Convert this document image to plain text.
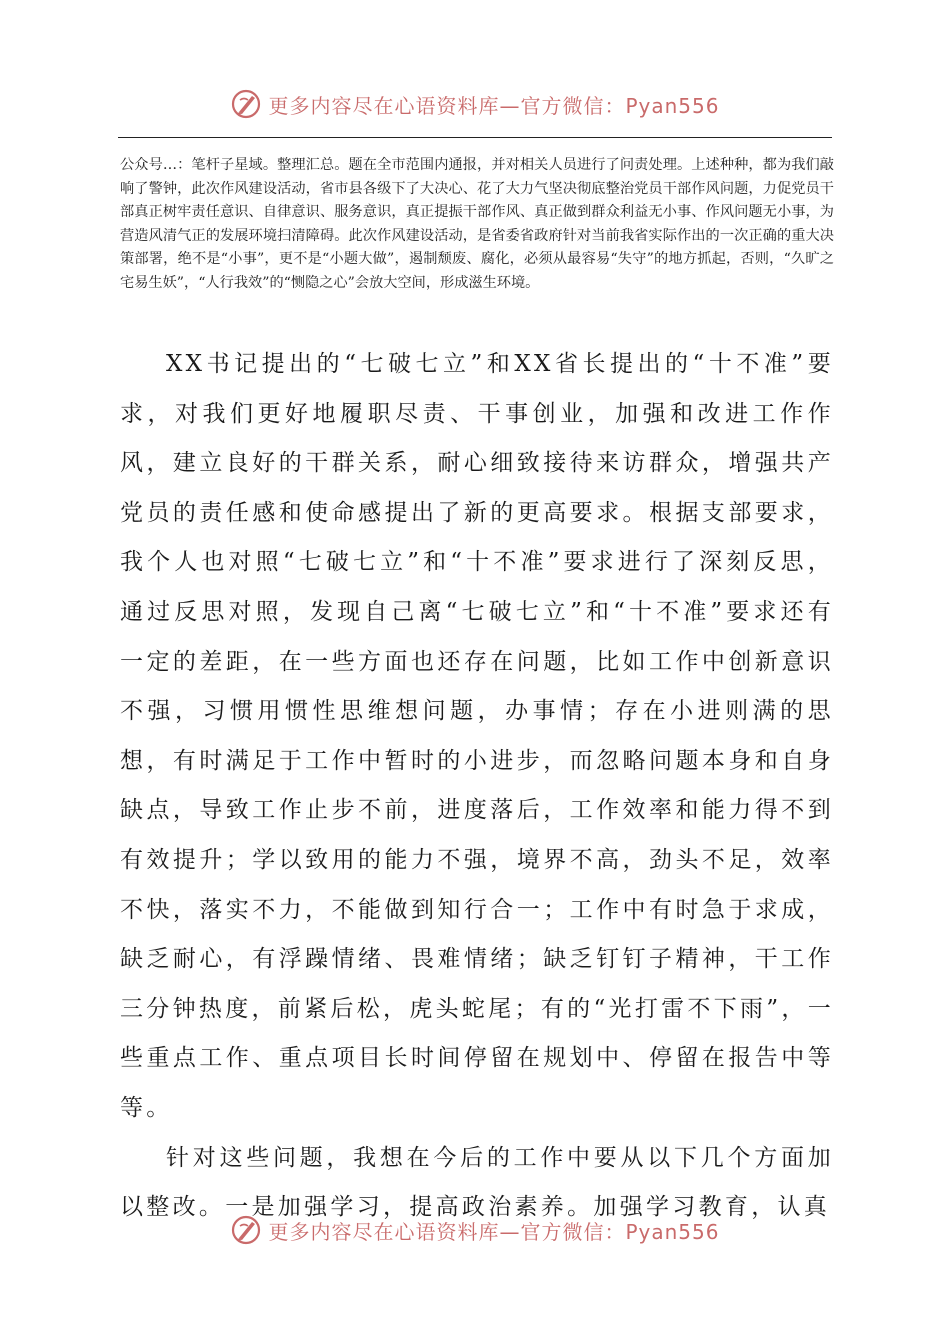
更多内容尽在心语资料库—官方微信：Pyan556

公众号…：笔杆子星域。整理汇总。题在全市范围内通报，并对相关人员进行了问责处理。上述种种，都为我们敲响了警钟，此次作风建设活动，省市县各级下了大决心、花了大力气坚决彻底整治党员干部作风问题，力促党员干部真正树牢责任意识、自律意识、服务意识，真正提振干部作风、真正做到群众利益无小事、作风问题无小事，为营造风清气正的发展环境扫清障碍。此次作风建设活动，是省委省政府针对当前我省实际作出的一次正确的重大决策部署，绝不是“小事”，更不是“小题大做”，遏制颓废、腐化，必须从最容易“失守”的地方抓起，否则，“久旷之宅易生妖”，“人行我效”的“恻隐之心”会放大空间，形成滋生环境。

XX书记提出的“七破七立”和XX省长提出的“十不准”要求，对我们更好地履职尽责、干事创业，加强和改进工作作风，建立良好的干群关系，耐心细致接待来访群众，增强共产党员的责任感和使命感提出了新的更高要求。根据支部要求，我个人也对照“七破七立”和“十不准”要求进行了深刻反思，通过反思对照，发现自己离“七破七立”和“十不准”要求还有一定的差距，在一些方面也还存在问题，比如工作中创新意识不强，习惯用惯性思维想问题，办事情；存在小进则满的思想，有时满足于工作中暂时的小进步，而忽略问题本身和自身缺点，导致工作止步不前，进度落后，工作效率和能力得不到有效提升；学以致用的能力不强，境界不高，劲头不足，效率不快，落实不力，不能做到知行合一；工作中有时急于求成，缺乏耐心，有浮躁情绪、畏难情绪；缺乏钉钉子精神，干工作三分钟热度，前紧后松，虎头蛇尾；有的“光打雷不下雨”，一些重点工作、重点项目长时间停留在规划中、停留在报告中等等。

针对这些问题，我想在今后的工作中要从以下几个方面加以整改。一是加强学习，提高政治素养。加强学习教育，认真

更多内容尽在心语资料库—官方微信：Pyan556
